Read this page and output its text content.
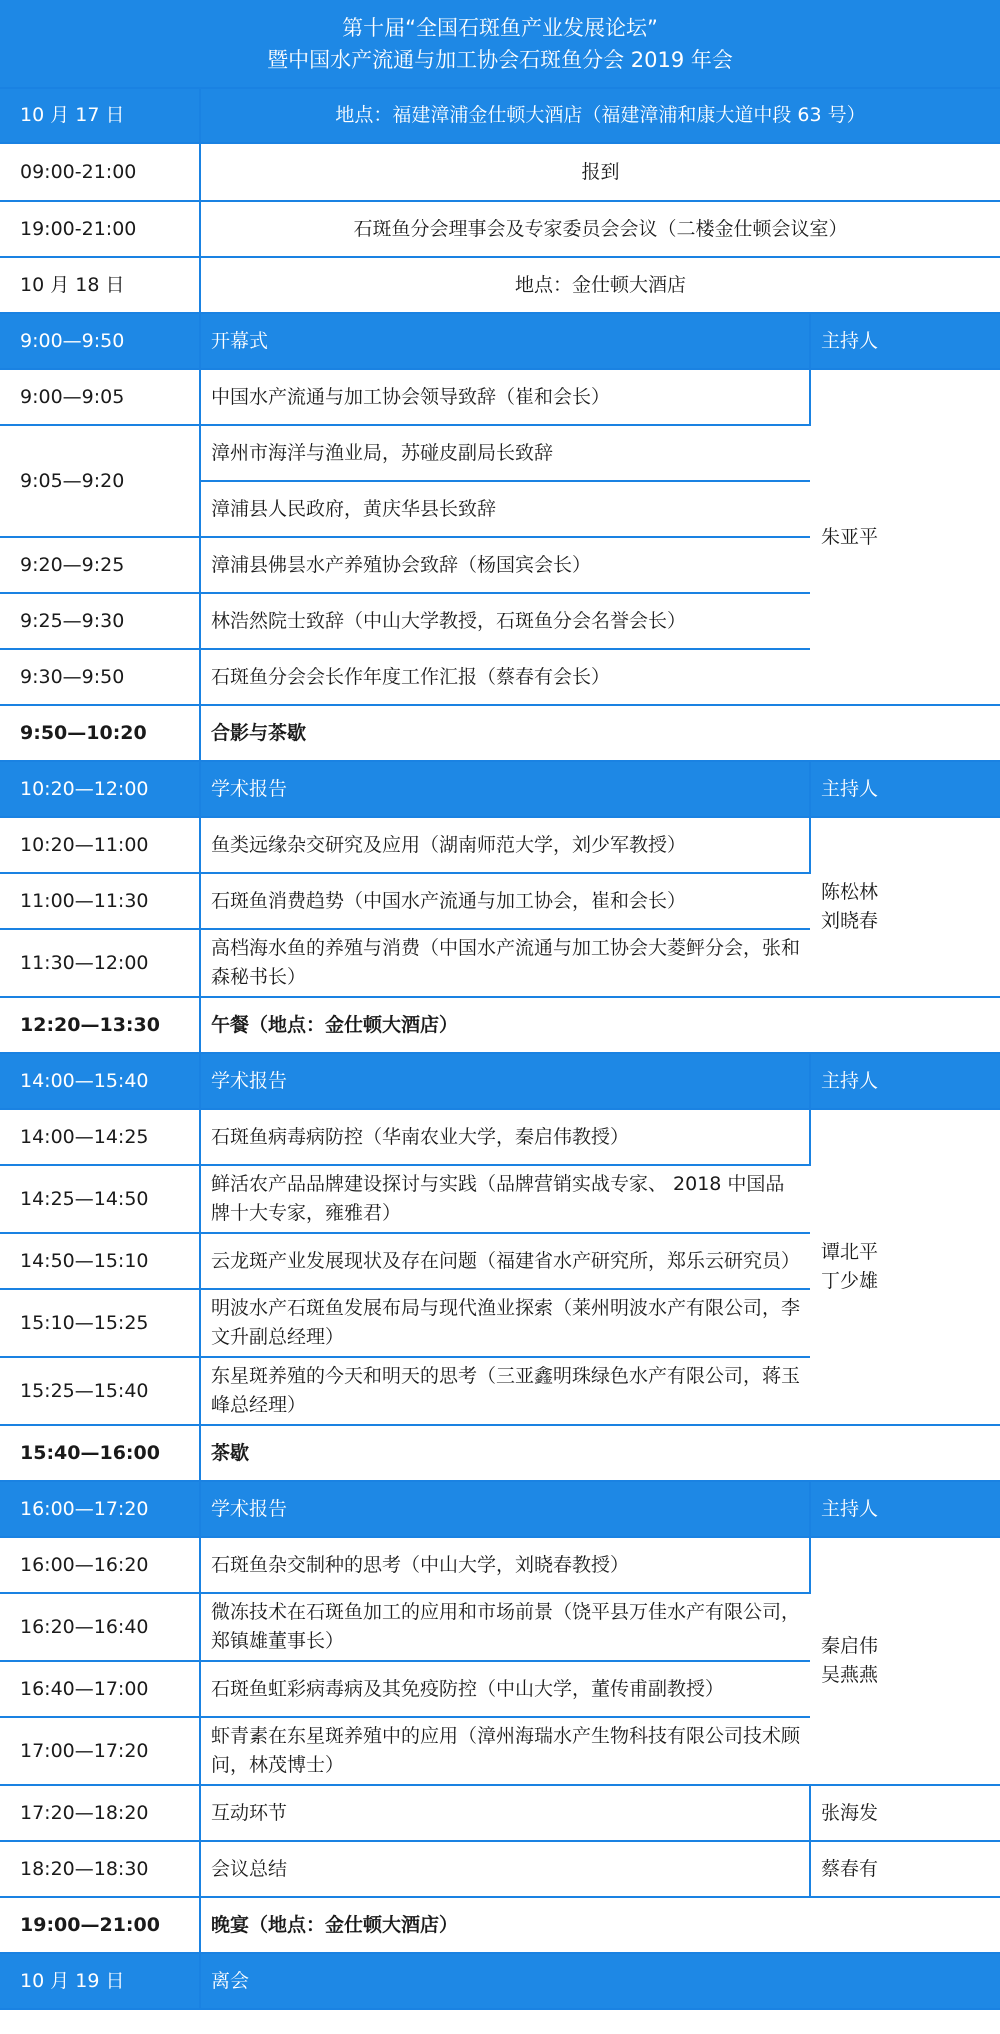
第十届“全国石斑鱼产业发展论坛”
暨中国水产流通与加工协会石斑鱼分会 2019 年会		

10 月 17 日	地点：福建漳浦金仕顿大酒店（福建漳浦和康大道中段 63 号）	
09:00-21:00	报到	
19:00-21:00	石斑鱼分会理事会及专家委员会会议（二楼金仕顿会议室）	
10 月 18 日	地点：金仕顿大酒店	
9:00—9:50	开幕式	主持人
9:00—9:05	中国水产流通与加工协会领导致辞（崔和会长）	朱亚平
9:05—9:20	漳州市海洋与渔业局，苏碰皮副局长致辞	
	漳浦县人民政府，黄庆华县长致辞	
9:20—9:25	漳浦县佛昙水产养殖协会致辞（杨国宾会长）	
9:25—9:30	林浩然院士致辞（中山大学教授，石斑鱼分会名誉会长）	
9:30—9:50	石斑鱼分会会长作年度工作汇报（蔡春有会长）	
9:50—10:20	合影与茶歇	
10:20—12:00	学术报告	主持人
10:20—11:00	鱼类远缘杂交研究及应用（湖南师范大学，刘少军教授）	陈松林
刘晓春
11:00—11:30	石斑鱼消费趋势（中国水产流通与加工协会，崔和会长）	
11:30—12:00	高档海水鱼的养殖与消费（中国水产流通与加工协会大菱鲆分会，张和森秘书长）	
12:20—13:30	午餐（地点：金仕顿大酒店）	
14:00—15:40	学术报告	主持人
14:00—14:25	石斑鱼病毒病防控（华南农业大学，秦启伟教授）	谭北平
丁少雄
14:25—14:50	鲜活农产品品牌建设探讨与实践（品牌营销实战专家、 2018 中国品牌十大专家，雍雅君）	
14:50—15:10	云龙斑产业发展现状及存在问题（福建省水产研究所，郑乐云研究员）	
15:10—15:25	明波水产石斑鱼发展布局与现代渔业探索（莱州明波水产有限公司，李文升副总经理）	
15:25—15:40	东星斑养殖的今天和明天的思考（三亚鑫明珠绿色水产有限公司，蒋玉峰总经理）	
15:40—16:00	茶歇	
16:00—17:20	学术报告	主持人
16:00—16:20	石斑鱼杂交制种的思考（中山大学，刘晓春教授）	秦启伟
吴燕燕
16:20—16:40	微冻技术在石斑鱼加工的应用和市场前景（饶平县万佳水产有限公司，郑镇雄董事长）	
16:40—17:00	石斑鱼虹彩病毒病及其免疫防控（中山大学，董传甫副教授）	
17:00—17:20	虾青素在东星斑养殖中的应用（漳州海瑞水产生物科技有限公司技术顾问，林茂博士）	
17:20—18:20	互动环节	张海发
18:20—18:30	会议总结	蔡春有
19:00—21:00	晚宴（地点：金仕顿大酒店）	
10 月 19 日	离会	
